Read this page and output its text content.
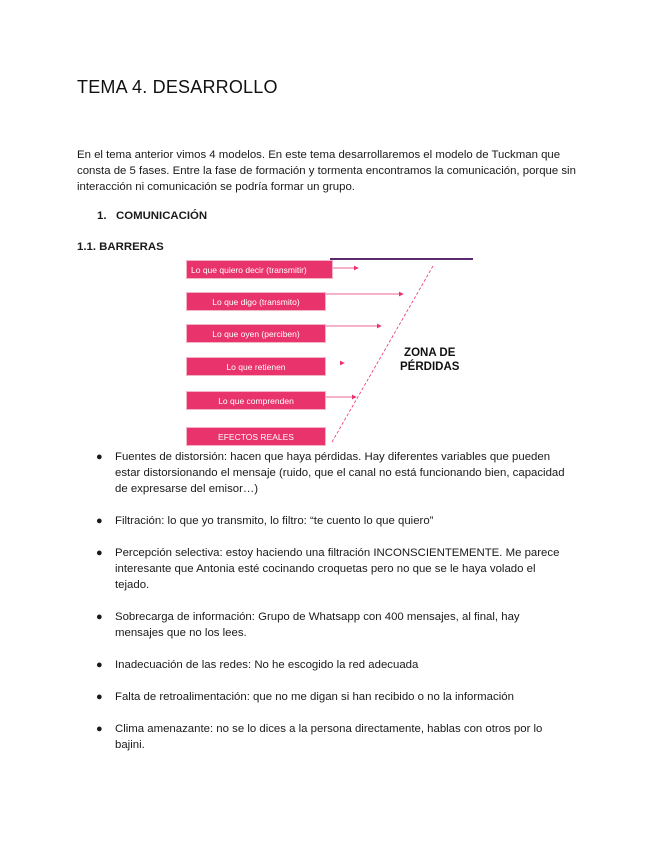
TEMA 4. DESARROLLO

En el tema anterior vimos 4 modelos. En este tema desarrollaremos el modelo de Tuckman que consta de 5 fases. Entre la fase de formación y tormenta encontramos la comunicación, porque sin interacción ni comunicación se podría formar un grupo.

1. COMUNICACIÓN

1.1. BARRERAS

Lo que quiero decir (transmitir)
Lo que digo (transmito)
Lo que oyen (perciben)
Lo que retienen
Lo que comprenden
EFECTOS REALES
ZONA DE
PÉRDIDAS
● Fuentes de distorsión: hacen que haya pérdidas. Hay diferentes variables que pueden estar distorsionando el mensaje (ruido, que el canal no está funcionando bien, capacidad de expresarse del emisor…)
● Filtración: lo que yo transmito, lo filtro: “te cuento lo que quiero”
● Percepción selectiva: estoy haciendo una filtración INCONSCIENTEMENTE. Me parece interesante que Antonia esté cocinando croquetas pero no que se le haya volado el tejado.
● Sobrecarga de información: Grupo de Whatsapp con 400 mensajes, al final, hay mensajes que no los lees.
● Inadecuación de las redes: No he escogido la red adecuada
● Falta de retroalimentación: que no me digan si han recibido o no la información
● Clima amenazante: no se lo dices a la persona directamente, hablas con otros por lo bajini.
